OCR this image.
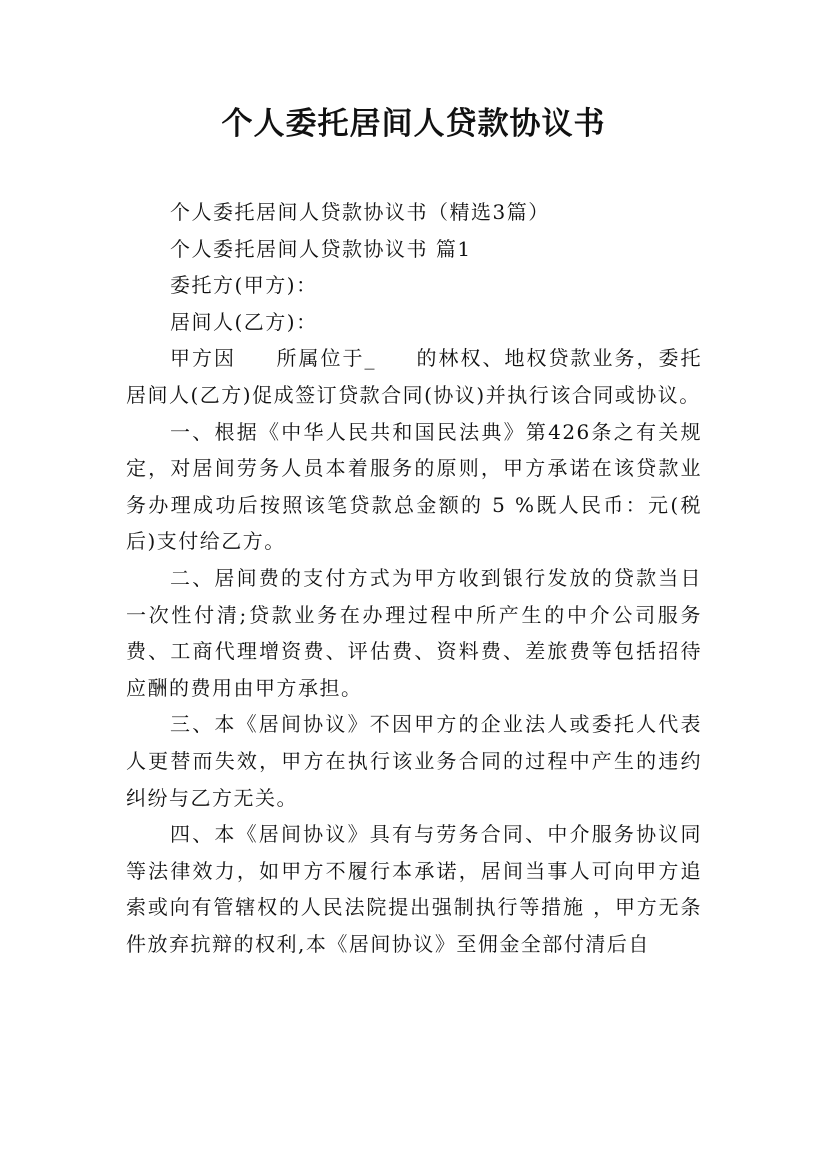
个人委托居间人贷款协议书

个人委托居间人贷款协议书（精选3篇）

个人委托居间人贷款协议书 篇1

委托方(甲方)：

居间人(乙方)：

甲方因 所属位于_ 的林权、地权贷款业务，委托居间人(乙方)促成签订贷款合同(协议)并执行该合同或协议。

一、根据《中华人民共和国民法典》第426条之有关规定，对居间劳务人员本着服务的原则，甲方承诺在该贷款业务办理成功后按照该笔贷款总金额的 5 %既人民币：元(税后)支付给乙方。

二、居间费的支付方式为甲方收到银行发放的贷款当日一次性付清;贷款业务在办理过程中所产生的中介公司服务费、工商代理增资费、评估费、资料费、差旅费等包括招待应酬的费用由甲方承担。

三、本《居间协议》不因甲方的企业法人或委托人代表人更替而失效，甲方在执行该业务合同的过程中产生的违约纠纷与乙方无关。

四、本《居间协议》具有与劳务合同、中介服务协议同等法律效力，如甲方不履行本承诺，居间当事人可向甲方追索或向有管辖权的人民法院提出强制执行等措施 ，甲方无条件放弃抗辩的权利,本《居间协议》至佣金全部付清后自
